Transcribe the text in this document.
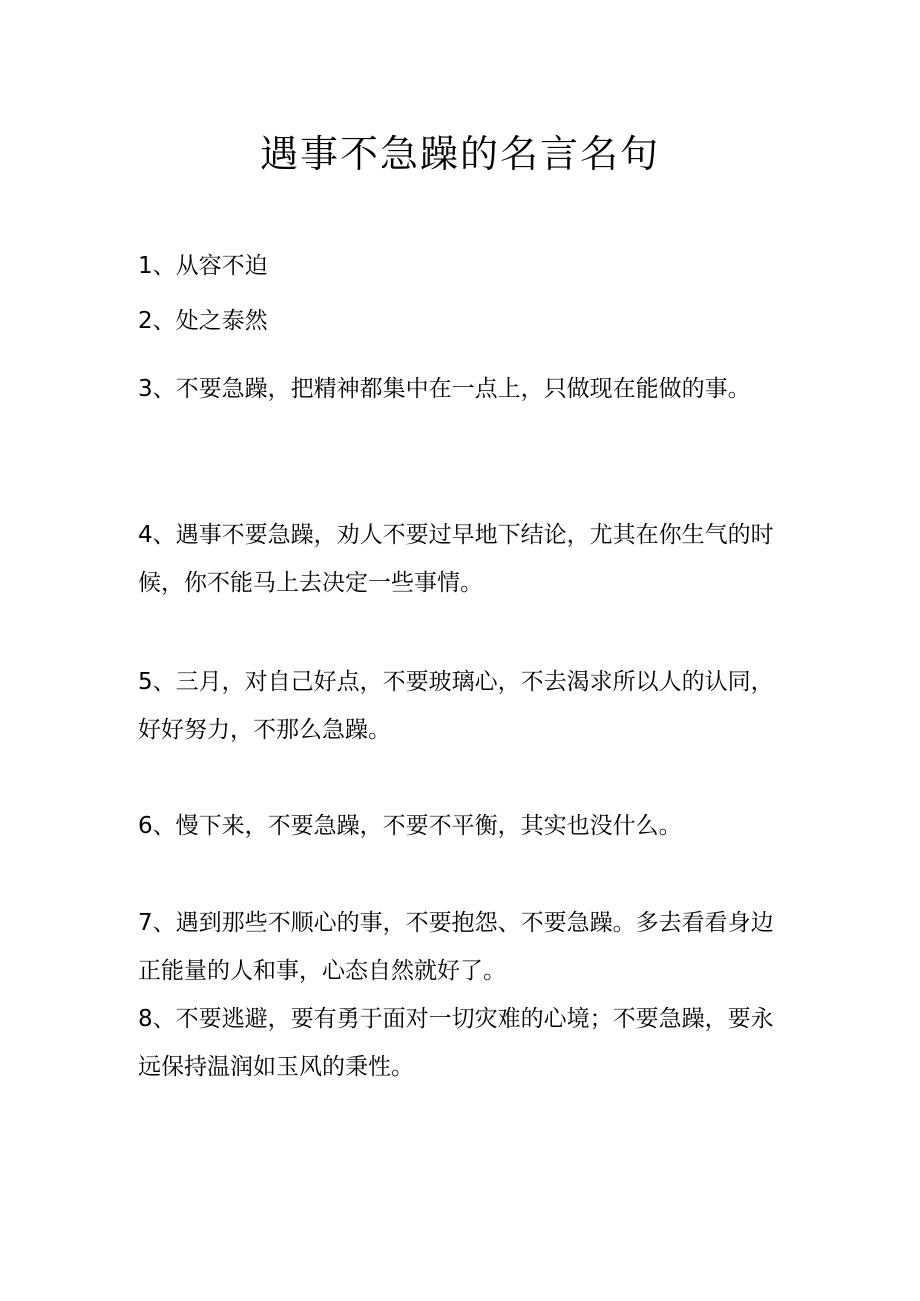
遇事不急躁的名言名句

1、从容不迫

2、处之泰然

3、不要急躁，把精神都集中在一点上，只做现在能做的事。

4、遇事不要急躁，劝人不要过早地下结论，尤其在你生气的时候，你不能马上去决定一些事情。

5、三月，对自己好点，不要玻璃心，不去渴求所以人的认同，好好努力，不那么急躁。

6、慢下来，不要急躁，不要不平衡，其实也没什么。

7、遇到那些不顺心的事，不要抱怨、不要急躁。多去看看身边正能量的人和事，心态自然就好了。

8、不要逃避，要有勇于面对一切灾难的心境；不要急躁，要永远保持温润如玉风的秉性。
